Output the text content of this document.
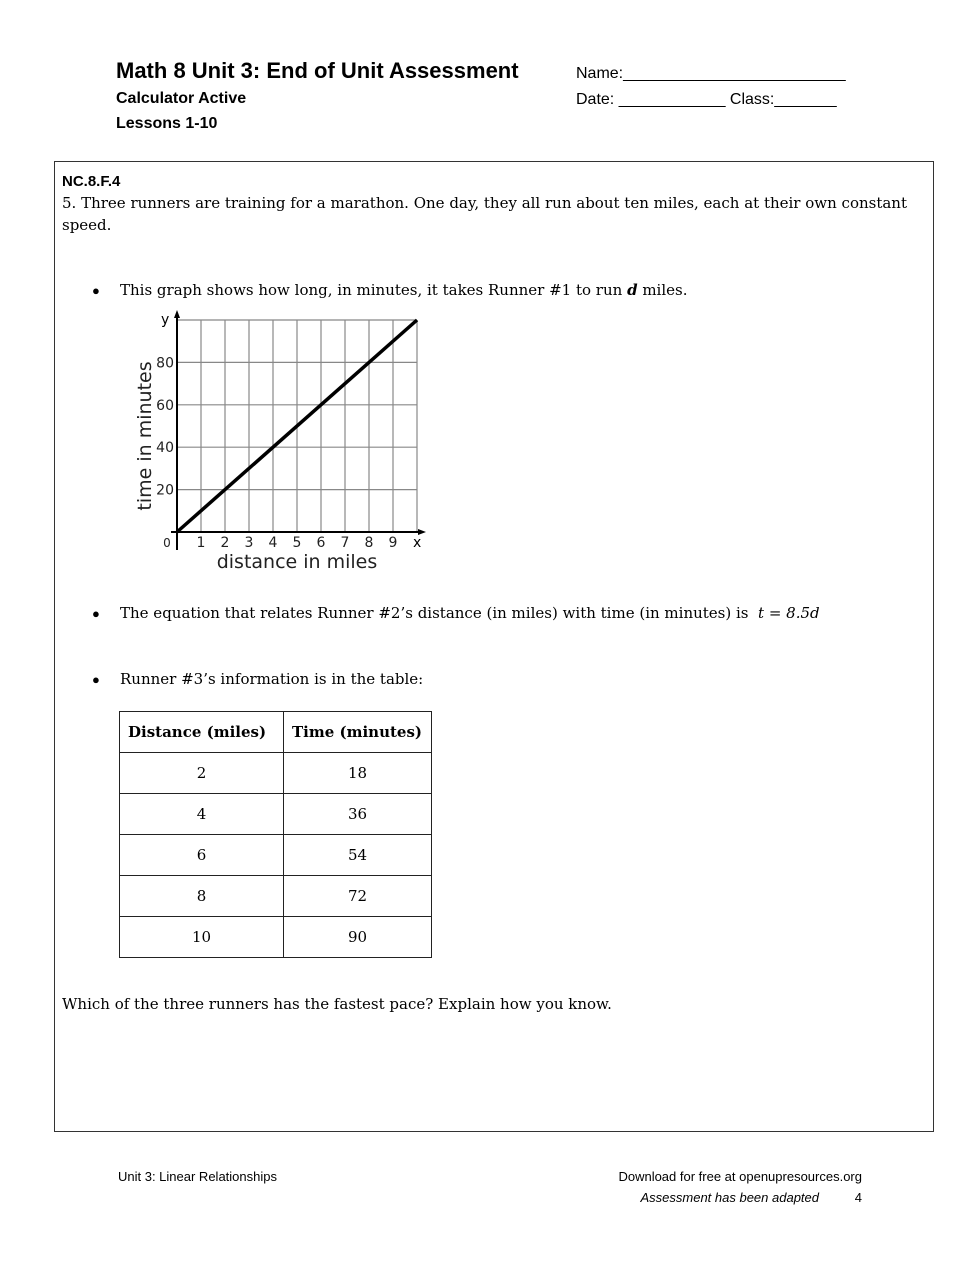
Math 8 Unit 3: End of Unit Assessment
Calculator Active
Lessons 1-10
Name:_________________________
Date: ____________ Class:_______
NC.8.F.4
5. Three runners are training for a marathon. One day, they all run about ten miles, each at their own constant
speed.
● This graph shows how long, in minutes, it takes Runner #1 to run d miles.
1 2 3 4 5 6 7 8 9
20
40
60
80
0	x
y
distance in miles
time in minutes
● The equation that relates Runner #2’s distance (in miles) with time (in minutes) is t = 8.5d
● Runner #3’s information is in the table:
Distance (miles)	Time (minutes)
2	18
4	36
6	54
8	72
10	90
Which of the three runners has the fastest pace? Explain how you know.
Unit 3: Linear Relationships	Download for free at openupresources.org
Assessment has been adapted	4
